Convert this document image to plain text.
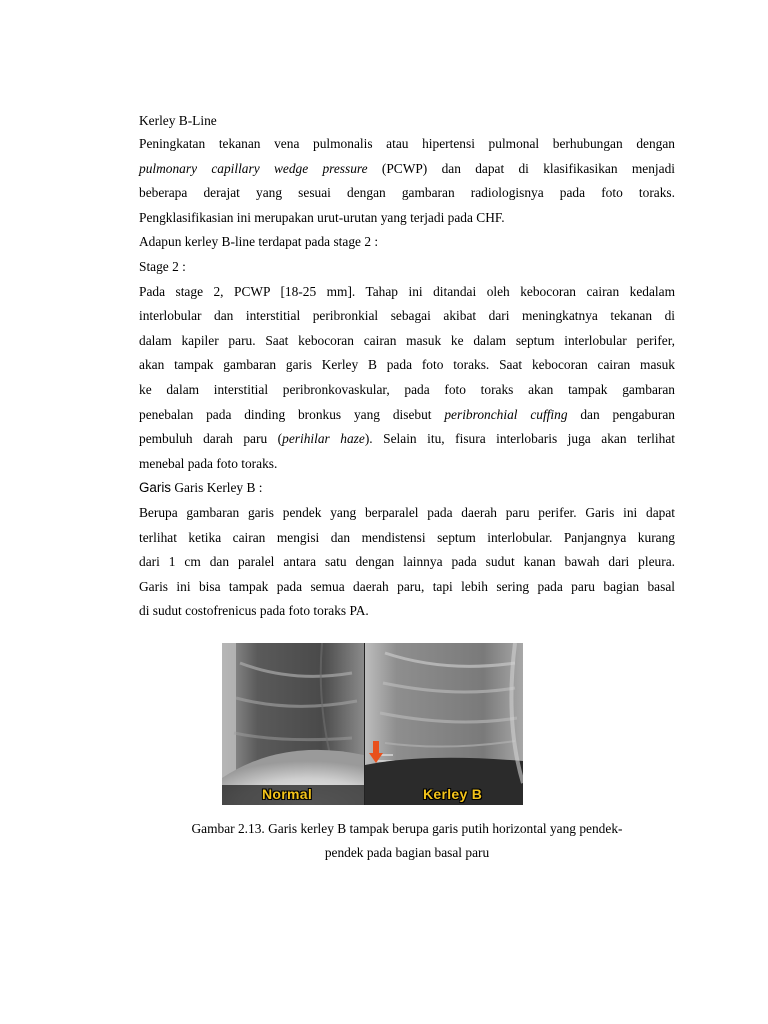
Kerley B-Line
Peningkatan tekanan vena pulmonalis atau hipertensi pulmonal berhubungan dengan
pulmonary capillary wedge pressure (PCWP) dan dapat di klasifikasikan menjadi
beberapa derajat yang sesuai dengan gambaran radiologisnya pada foto toraks.
Pengklasifikasian ini merupakan urut-urutan yang terjadi pada CHF.
Adapun kerley B-line terdapat pada stage 2 :
Stage 2 :
Pada stage 2, PCWP [18-25 mm]. Tahap ini ditandai oleh kebocoran cairan kedalam
interlobular dan interstitial peribronkial sebagai akibat dari meningkatnya tekanan di
dalam kapiler paru. Saat kebocoran cairan masuk ke dalam septum interlobular perifer,
akan tampak gambaran garis Kerley B pada foto toraks. Saat kebocoran cairan masuk
ke dalam interstitial peribronkovaskular, pada foto toraks akan tampak gambaran
penebalan pada dinding bronkus yang disebut peribronchial cuffing dan pengaburan
pembuluh darah paru (perihilar haze). Selain itu, fisura interlobaris juga akan terlihat
menebal pada foto toraks.
Garis Garis Kerley B :
Berupa gambaran garis pendek yang berparalel pada daerah paru perifer. Garis ini dapat
terlihat ketika cairan mengisi dan mendistensi septum interlobular. Panjangnya kurang
dari 1 cm dan paralel antara satu dengan lainnya pada sudut kanan bawah dari pleura.
Garis ini bisa tampak pada semua daerah paru, tapi lebih sering pada paru bagian basal
di sudut costofrenicus pada foto toraks PA.
Normal	Kerley B
Gambar 2.13. Garis kerley B tampak berupa garis putih horizontal yang pendek-
pendek pada bagian basal paru
